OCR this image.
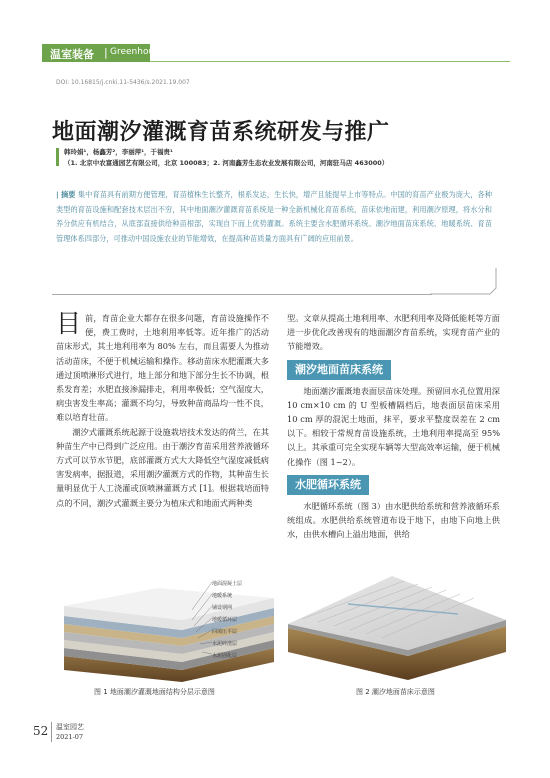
温室装备 | Greenhouse & Equipment
DOI: 10.16815/j.cnki.11-5436/s.2021.19.007
地面潮汐灌溉育苗系统研发与推广
韩玲娟¹，杨鑫芳²，李丽萍¹，于福贵¹
（1. 北京中农富通园艺有限公司，北京 100083；2. 河南鑫芳生态农业发展有限公司，河南驻马店 463000）
| 摘要 集中育苗具有前期方便管理，育苗植株生长整齐，根系发达，生长快，增产且能提早上市等特点。中国的育苗产业极为庞大，各种类型的育苗设施和配套技术层出不穷，其中地面潮汐灌溉育苗系统是一种全新机械化育苗系统，苗床依地而建，利用潮汐原理，将水分和养分供应有机结合，从底部直接供给种苗根部，实现自下而上优势灌溉。系统主要含水肥循环系统、潮汐地面苗床系统、地暖系统、育苗管理体系四部分，可推动中国设施农业的节能增效，在提高种苗质量方面具有广阔的应用前景。

目前，育苗企业大都存在很多问题，育苗设施操作不便，费工费时，土地利用率低等。近年推广的活动苗床形式，其土地利用率为 80% 左右，而且需要人为推动活动苗床，不便于机械运输和操作。移动苗床水肥灌溉大多通过顶喷淋形式进行，地上部分和地下部分生长不协调，根系发育差；水肥直接渗漏排走，利用率极低；空气湿度大，病虫害发生率高；灌溉不均匀，导致种苗商品均一性不良，难以培育壮苗。

潮汐式灌溉系统起源于设施栽培技术发达的荷兰，在其种苗生产中已得到广泛应用。由于潮汐育苗采用营养液循环方式可以节水节肥，底部灌溉方式大大降低空气湿度减低病害发病率，据报道，采用潮汐灌溉方式的作物，其种苗生长量明显优于人工浇灌或顶喷淋灌溉方式 [1]。根据栽培面特点的不同，潮汐式灌溉主要分为植床式和地面式两种类

型。文章从提高土地利用率、水肥利用率及降低能耗等方面进一步优化改善现有的地面潮汐育苗系统，实现育苗产业的节能增效。

潮汐地面苗床系统

地面潮汐灌溉地表面层苗床处理。预留回水孔位置用深 10 cm×10 cm 的 U 型板槽隔档后，地表面层苗床采用 10 cm 厚的混泥土地面，抹平，要求平整度误差在 2 cm 以下。相较于常规育苗设施系统，土地利用率提高至 95% 以上。其承重可完全实现车辆等大型高效率运输，便于机械化操作（图 1~2）。

水肥循环系统

水肥循环系统（图 3）由水肥供给系统和营养液循环系统组成。水肥供给系统管道布设于地下，由地下向地上供水，由供水槽向上溢出地面，供给

地面混凝土层
地暖系统
铺设钢网
地暖循环层
回填压平层
水泥碎渣层
水泥固化层
图 1 地面潮汐灌溉地面结构分层示意图	图 2 潮汐地面苗床示意图
52 温室园艺
2021-07
